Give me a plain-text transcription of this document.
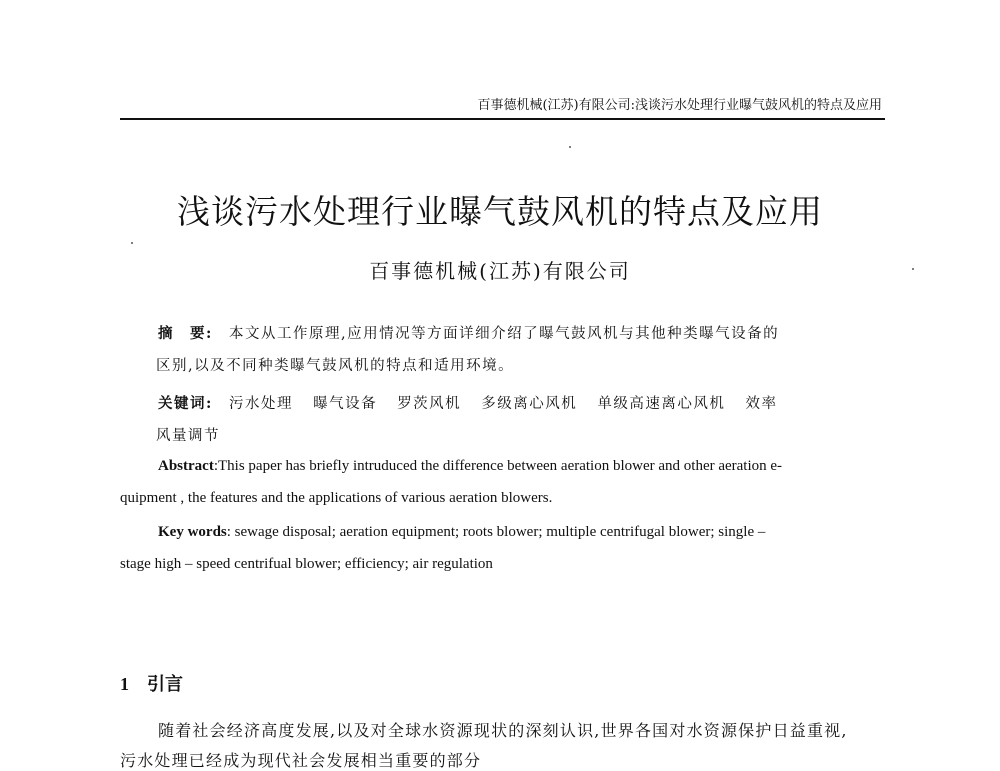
百事德机械(江苏)有限公司:浅谈污水处理行业曝气鼓风机的特点及应用
浅谈污水处理行业曝气鼓风机的特点及应用
百事德机械(江苏)有限公司
摘　要: 本文从工作原理,应用情况等方面详细介绍了曝气鼓风机与其他种类曝气设备的
区别,以及不同种类曝气鼓风机的特点和适用环境。
关键词: 污水处理 曝气设备 罗茨风机 多级离心风机 单级高速离心风机 效率
风量调节
Abstract:This paper has briefly intruduced the difference between aeration blower and other aeration e-
quipment , the features and the applications of various aeration blowers.
Key words: sewage disposal; aeration equipment; roots blower; multiple centrifugal blower; single –
stage high – speed centrifual blower; efficiency; air regulation
1 引言
随着社会经济高度发展,以及对全球水资源现状的深刻认识,世界各国对水资源保护日益重视,
污水处理已经成为现代社会发展相当重要的部分
